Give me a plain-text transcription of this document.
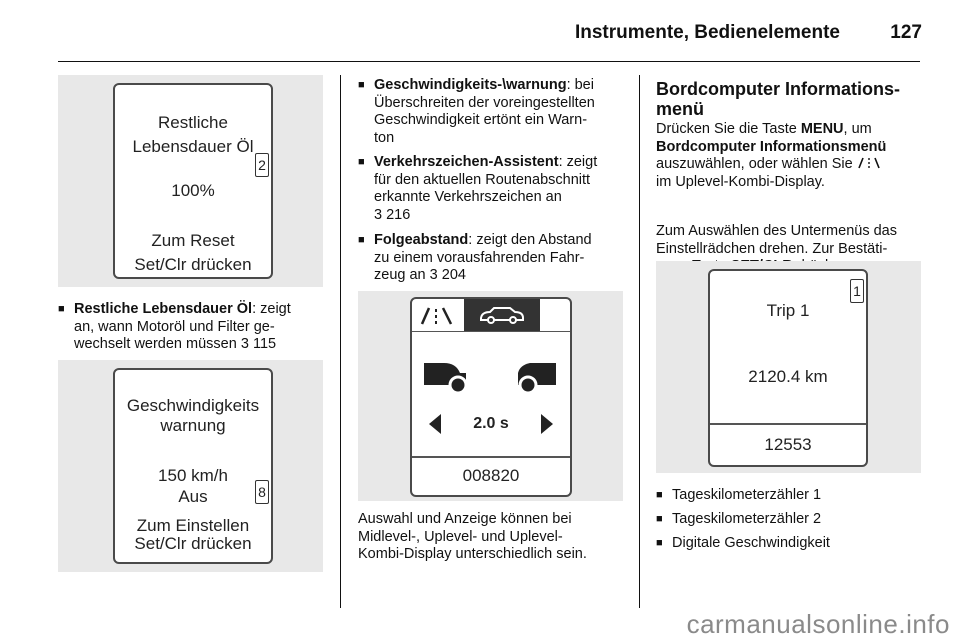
Instrumente, Bedienelemente	127
Restliche
Lebensdauer Öl
2
100%
Zum Reset
Set/Clr drücken
■ Restliche Lebensdauer Öl: zeigt
an, wann Motoröl und Filter ge-
wechselt werden müssen 3 115
Geschwindigkeits
warnung
150 km/h
Aus	8
Zum Einstellen
Set/Clr drücken
■ Geschwindigkeits-\warnung: bei
Überschreiten der voreingestellten
Geschwindigkeit ertönt ein Warn-
ton
■ Verkehrszeichen-Assistent: zeigt
für den aktuellen Routenabschnitt
erkannte Verkehrszeichen an
3 216
■ Folgeabstand: zeigt den Abstand
zu einem vorausfahrenden Fahr-
zeug an 3 204
2.0 s
008820
Auswahl und Anzeige können bei
Midlevel-, Uplevel- und Uplevel-
Kombi-Display unterschiedlich sein.
Bordcomputer Informations-
menü
Drücken Sie die Taste MENU, um
Bordcomputer Informationsmenü
auszuwählen, oder wählen Sie
im Uplevel-Kombi-Display.
Zum Auswählen des Untermenüs das
Einstellrädchen drehen. Zur Bestäti-

1
Trip 1
2120.4 km
12553
■ Tageskilometerzähler 1
■ Tageskilometerzähler 2
■ Digitale Geschwindigkeit
carmanualsonline.info
